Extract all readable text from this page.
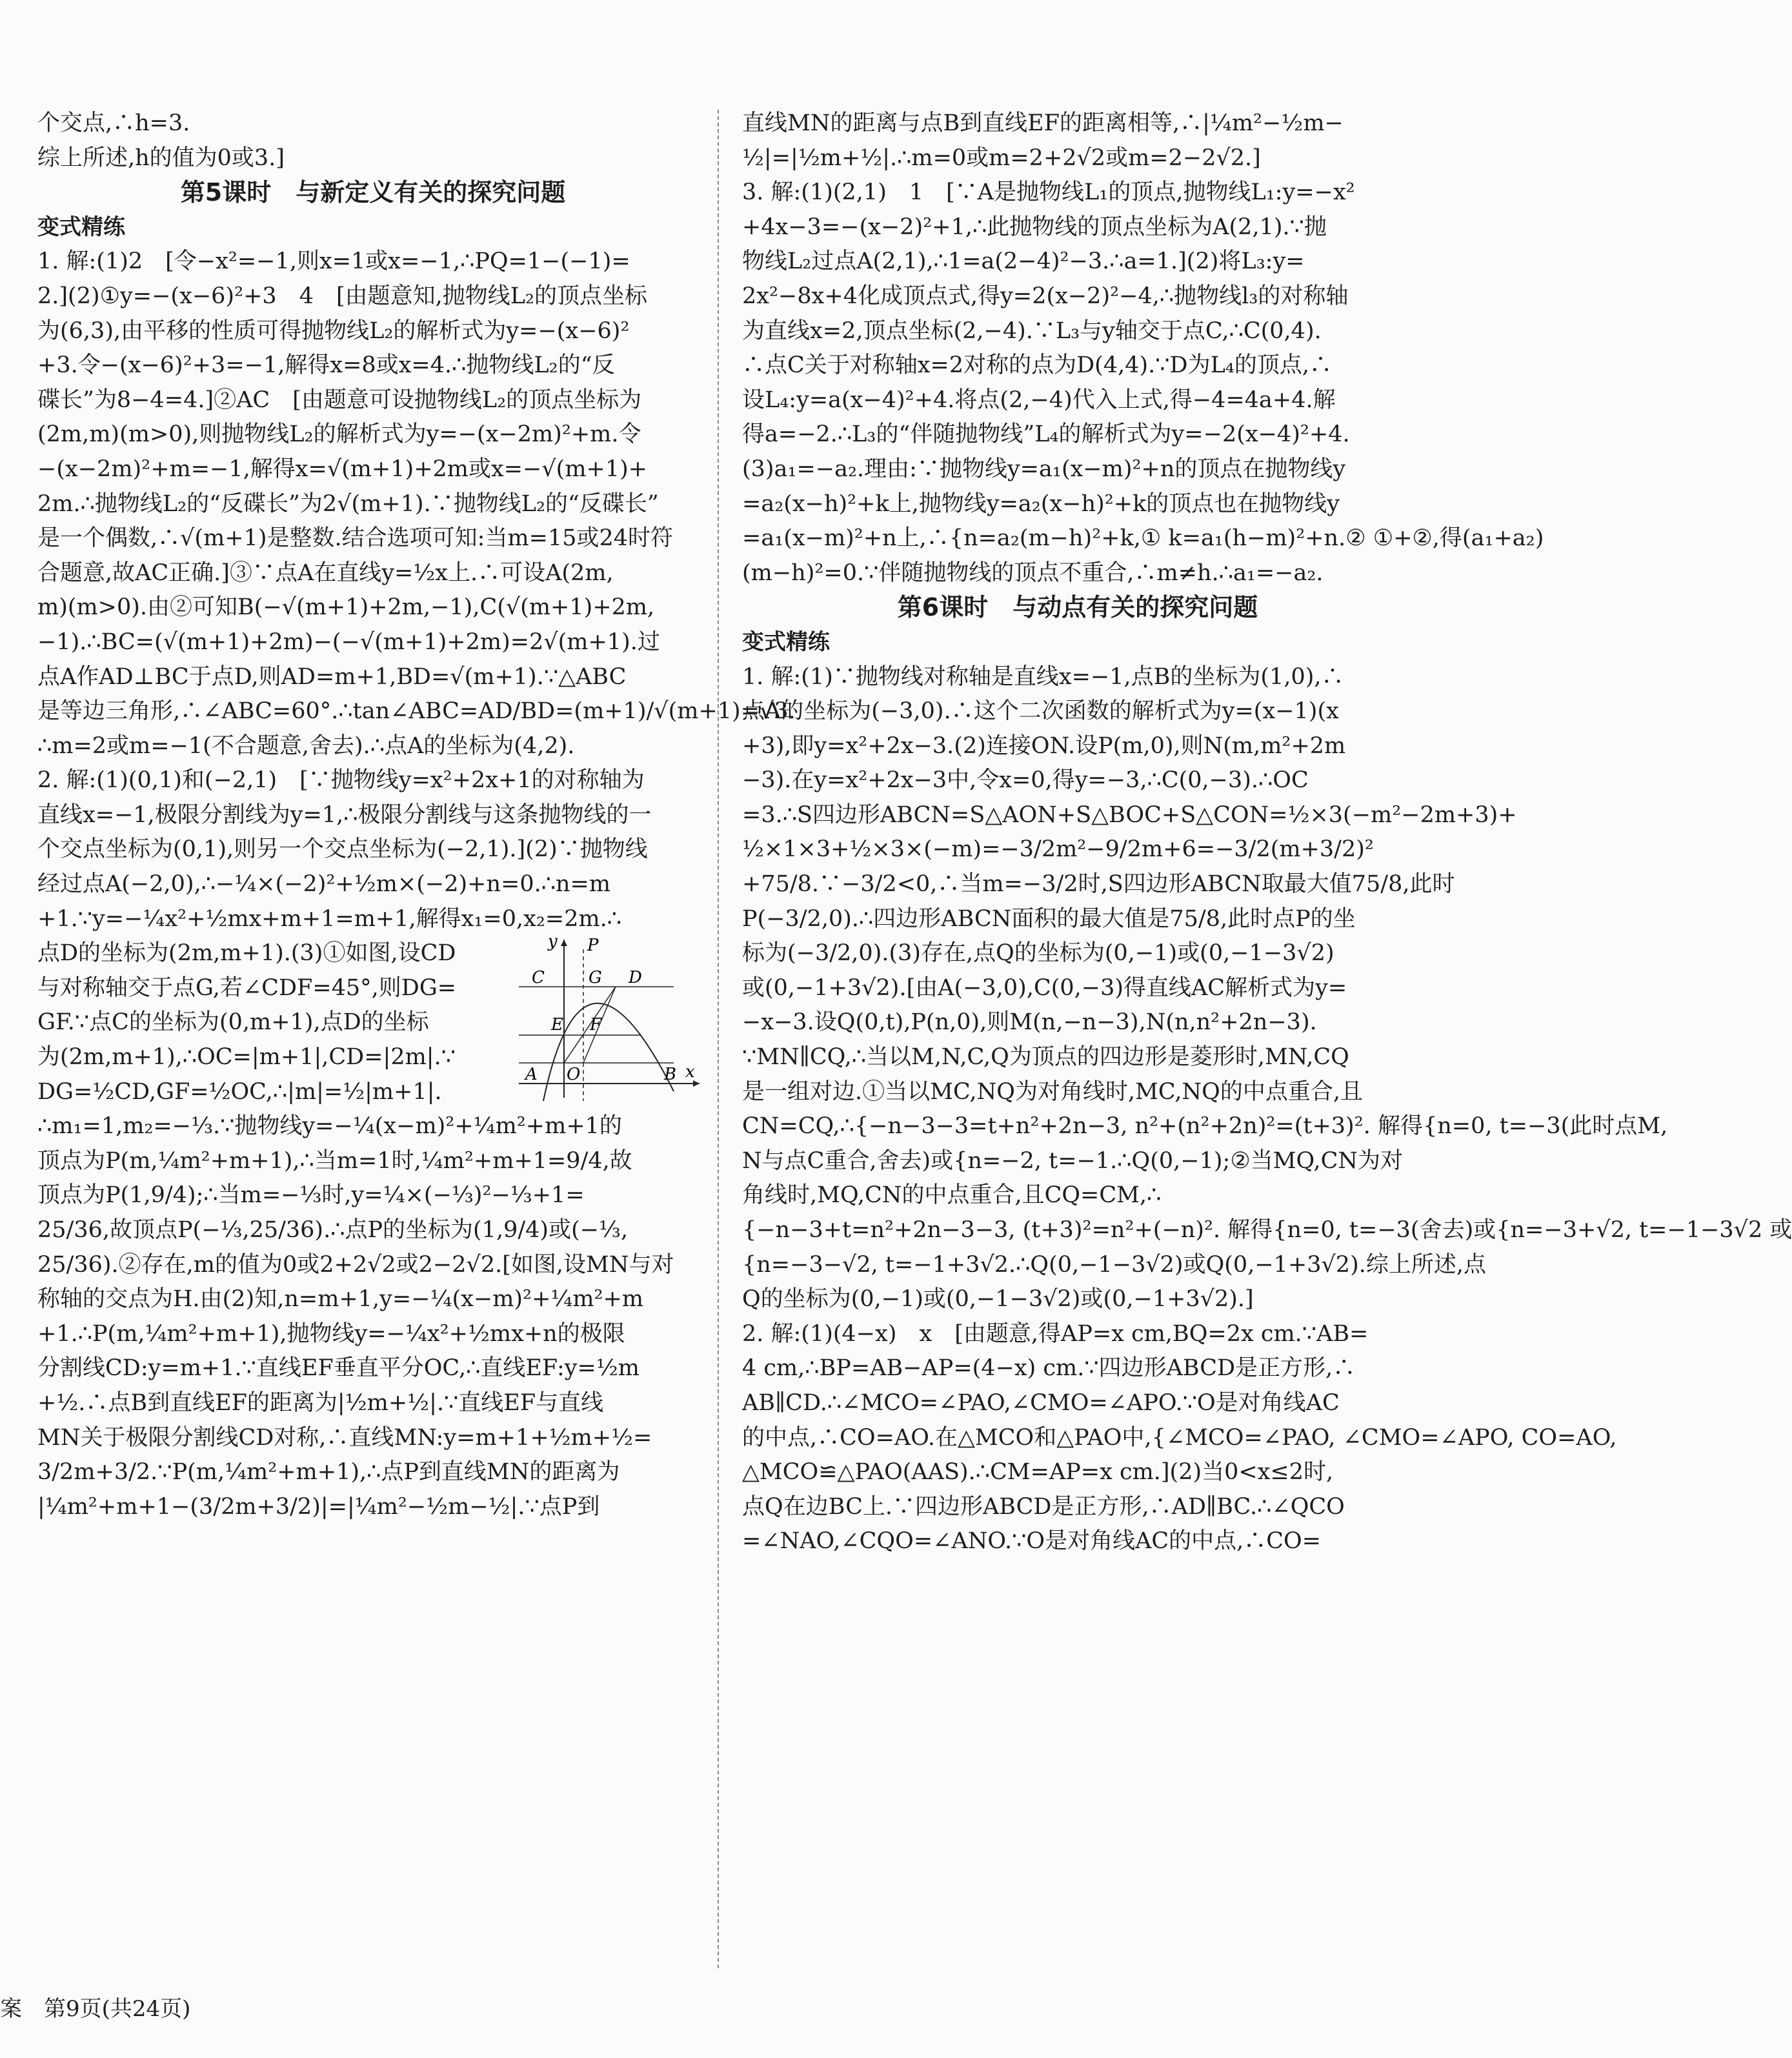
个交点,∴h=3.
综上所述,h的值为0或3.]
第5课时　与新定义有关的探究问题
变式精练
1. 解:(1)2　[令−x²=−1,则x=1或x=−1,∴PQ=1−(−1)=
2.](2)①y=−(x−6)²+3　4　[由题意知,抛物线L₂的顶点坐标
为(6,3),由平移的性质可得抛物线L₂的解析式为y=−(x−6)²
+3.令−(x−6)²+3=−1,解得x=8或x=4.∴抛物线L₂的“反
碟长”为8−4=4.]②AC　[由题意可设抛物线L₂的顶点坐标为
(2m,m)(m>0),则抛物线L₂的解析式为y=−(x−2m)²+m.令
−(x−2m)²+m=−1,解得x=√(m+1)+2m或x=−√(m+1)+
2m.∴抛物线L₂的“反碟长”为2√(m+1).∵抛物线L₂的“反碟长”
是一个偶数,∴√(m+1)是整数.结合选项可知:当m=15或24时符
合题意,故AC正确.]③∵点A在直线y=½x上.∴可设A(2m,
m)(m>0).由②可知B(−√(m+1)+2m,−1),C(√(m+1)+2m,
−1).∴BC=(√(m+1)+2m)−(−√(m+1)+2m)=2√(m+1).过
点A作AD⊥BC于点D,则AD=m+1,BD=√(m+1).∵△ABC
是等边三角形,∴∠ABC=60°.∴tan∠ABC=AD/BD=(m+1)/√(m+1)=√3.
∴m=2或m=−1(不合题意,舍去).∴点A的坐标为(4,2).
2. 解:(1)(0,1)和(−2,1)　[∵抛物线y=x²+2x+1的对称轴为
直线x=−1,极限分割线为y=1,∴极限分割线与这条抛物线的一
个交点坐标为(0,1),则另一个交点坐标为(−2,1).](2)∵抛物线
经过点A(−2,0),∴−¼×(−2)²+½m×(−2)+n=0.∴n=m
+1.∵y=−¼x²+½mx+m+1=m+1,解得x₁=0,x₂=2m.∴
y P
C	G D
E F
A O	B x
点D的坐标为(2m,m+1).(3)①如图,设CD
与对称轴交于点G,若∠CDF=45°,则DG=
GF.∵点C的坐标为(0,m+1),点D的坐标
为(2m,m+1),∴OC=|m+1|,CD=|2m|.∵
DG=½CD,GF=½OC,∴|m|=½|m+1|.
∴m₁=1,m₂=−⅓.∵抛物线y=−¼(x−m)²+¼m²+m+1的
顶点为P(m,¼m²+m+1),∴当m=1时,¼m²+m+1=9/4,故
顶点为P(1,9/4);∴当m=−⅓时,y=¼×(−⅓)²−⅓+1=
25/36,故顶点P(−⅓,25/36).∴点P的坐标为(1,9/4)或(−⅓,
25/36).②存在,m的值为0或2+2√2或2−2√2.[如图,设MN与对
称轴的交点为H.由(2)知,n=m+1,y=−¼(x−m)²+¼m²+m
+1.∴P(m,¼m²+m+1),抛物线y=−¼x²+½mx+n的极限
分割线CD:y=m+1.∵直线EF垂直平分OC,∴直线EF:y=½m
+½.∴点B到直线EF的距离为|½m+½|.∵直线EF与直线
MN关于极限分割线CD对称,∴直线MN:y=m+1+½m+½=
3/2m+3/2.∵P(m,¼m²+m+1),∴点P到直线MN的距离为
|¼m²+m+1−(3/2m+3/2)|=|¼m²−½m−½|.∵点P到
直线MN的距离与点B到直线EF的距离相等,∴|¼m²−½m−
½|=|½m+½|.∴m=0或m=2+2√2或m=2−2√2.]
3. 解:(1)(2,1)　1　[∵A是抛物线L₁的顶点,抛物线L₁:y=−x²
+4x−3=−(x−2)²+1,∴此抛物线的顶点坐标为A(2,1).∵抛
物线L₂过点A(2,1),∴1=a(2−4)²−3.∴a=1.](2)将L₃:y=
2x²−8x+4化成顶点式,得y=2(x−2)²−4,∴抛物线l₃的对称轴
为直线x=2,顶点坐标(2,−4).∵L₃与y轴交于点C,∴C(0,4).
∴点C关于对称轴x=2对称的点为D(4,4).∵D为L₄的顶点,∴
设L₄:y=a(x−4)²+4.将点(2,−4)代入上式,得−4=4a+4.解
得a=−2.∴L₃的“伴随抛物线”L₄的解析式为y=−2(x−4)²+4.
(3)a₁=−a₂.理由:∵抛物线y=a₁(x−m)²+n的顶点在抛物线y
=a₂(x−h)²+k上,抛物线y=a₂(x−h)²+k的顶点也在抛物线y
=a₁(x−m)²+n上,∴{n=a₂(m−h)²+k,① k=a₁(h−m)²+n.② ①+②,得(a₁+a₂)
(m−h)²=0.∵伴随抛物线的顶点不重合,∴m≠h.∴a₁=−a₂.
第6课时　与动点有关的探究问题
变式精练
1. 解:(1)∵抛物线对称轴是直线x=−1,点B的坐标为(1,0),∴
点A的坐标为(−3,0).∴这个二次函数的解析式为y=(x−1)(x
+3),即y=x²+2x−3.(2)连接ON.设P(m,0),则N(m,m²+2m
−3).在y=x²+2x−3中,令x=0,得y=−3,∴C(0,−3).∴OC
=3.∴S四边形ABCN=S△AON+S△BOC+S△CON=½×3(−m²−2m+3)+
½×1×3+½×3×(−m)=−3/2m²−9/2m+6=−3/2(m+3/2)²
+75/8.∵−3/2<0,∴当m=−3/2时,S四边形ABCN取最大值75/8,此时
P(−3/2,0).∴四边形ABCN面积的最大值是75/8,此时点P的坐
标为(−3/2,0).(3)存在,点Q的坐标为(0,−1)或(0,−1−3√2)
或(0,−1+3√2).[由A(−3,0),C(0,−3)得直线AC解析式为y=
−x−3.设Q(0,t),P(n,0),则M(n,−n−3),N(n,n²+2n−3).
∵MN∥CQ,∴当以M,N,C,Q为顶点的四边形是菱形时,MN,CQ
是一组对边.①当以MC,NQ为对角线时,MC,NQ的中点重合,且
CN=CQ,∴{−n−3−3=t+n²+2n−3, n²+(n²+2n)²=(t+3)². 解得{n=0, t=−3(此时点M,
N与点C重合,舍去)或{n=−2, t=−1.∴Q(0,−1);②当MQ,CN为对
角线时,MQ,CN的中点重合,且CQ=CM,∴
{−n−3+t=n²+2n−3−3, (t+3)²=n²+(−n)². 解得{n=0, t=−3(舍去)或{n=−3+√2, t=−1−3√2 或
{n=−3−√2, t=−1+3√2.∴Q(0,−1−3√2)或Q(0,−1+3√2).综上所述,点
Q的坐标为(0,−1)或(0,−1−3√2)或(0,−1+3√2).]
2. 解:(1)(4−x)　x　[由题意,得AP=x cm,BQ=2x cm.∵AB=
4 cm,∴BP=AB−AP=(4−x) cm.∵四边形ABCD是正方形,∴
AB∥CD.∴∠MCO=∠PAO,∠CMO=∠APO.∵O是对角线AC
的中点,∴CO=AO.在△MCO和△PAO中,{∠MCO=∠PAO, ∠CMO=∠APO, CO=AO,
△MCO≌△PAO(AAS).∴CM=AP=x cm.](2)当0<x≤2时,
点Q在边BC上.∵四边形ABCD是正方形,∴AD∥BC.∴∠QCO
=∠NAO,∠CQO=∠ANO.∵O是对角线AC的中点,∴CO=
案　第9页(共24页)
